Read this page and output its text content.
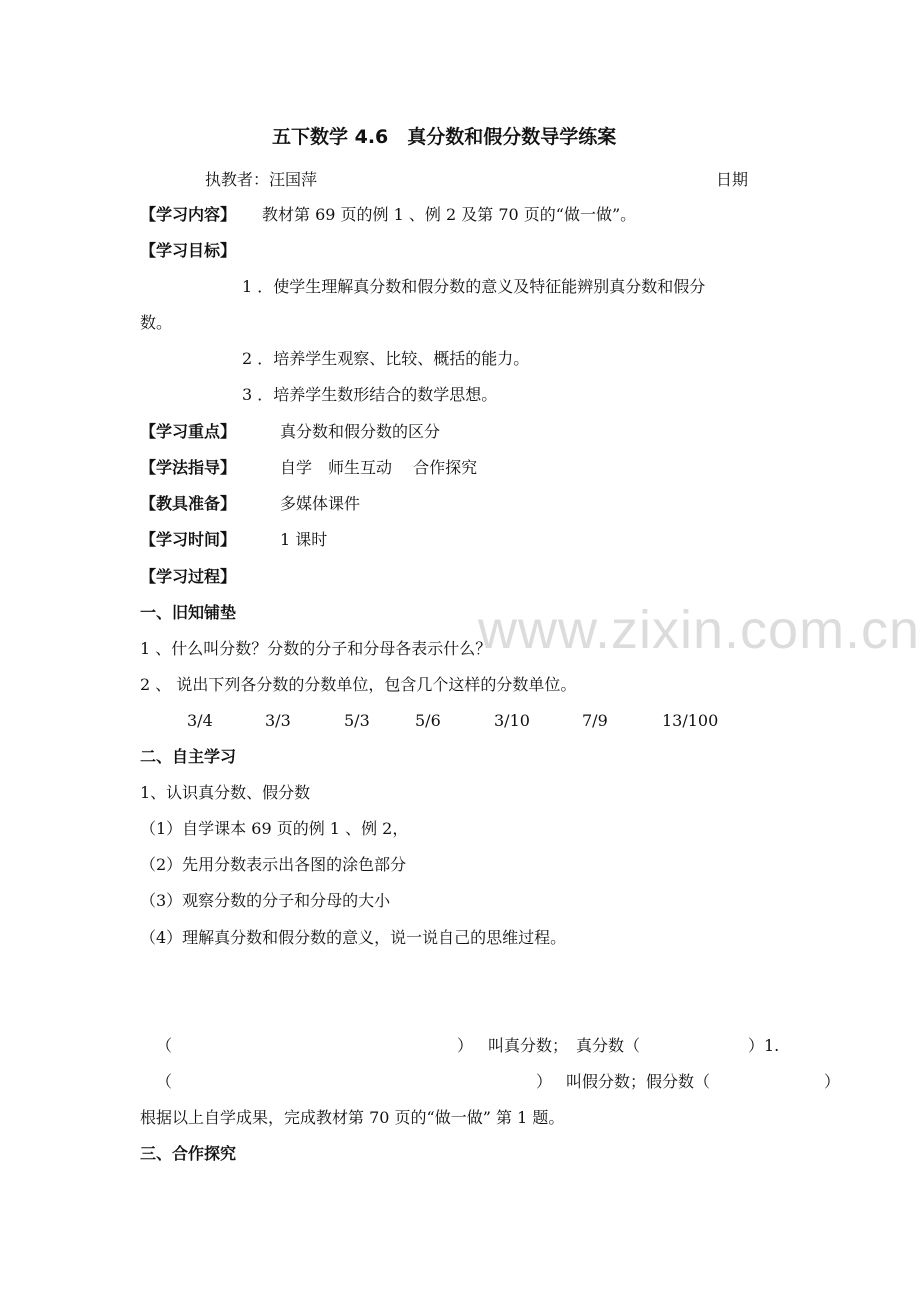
www.zixin.com.cn
五下数学 4.6　真分数和假分数导学练案
执教者：汪国萍	日期
【学习内容】 教材第 69 页的例 1 、例 2 及第 70 页的“做一做”。
【学习目标】
1 ．使学生理解真分数和假分数的意义及特征能辨别真分数和假分
数。
2 ．培养学生观察、比较、概括的能力。
3 ．培养学生数形结合的数学思想。
【学习重点】	真分数和假分数的区分
【学法指导】	自学　师生互动　 合作探究
【教具准备】	多媒体课件
【学习时间】	1 课时
【学习过程】
一、旧知铺垫
1 、什么叫分数？分数的分子和分母各表示什么？
2 、 说出下列各分数的分数单位，包含几个这样的分数单位。
3/4	3/3	5/3	5/6	3/10	7/9	13/100
二、自主学习
1、认识真分数、假分数
（1）自学课本 69 页的例 1 、例 2，
（2）先用分数表示出各图的涂色部分
（3）观察分数的分子和分母的大小
（4）理解真分数和假分数的意义，说一说自己的思维过程。
（	） 叫真分数；　真分数（	）1.
（	） 叫假分数；假分数（	）
根据以上自学成果，完成教材第 70 页的“做一做” 第 1 题。
三、合作探究
